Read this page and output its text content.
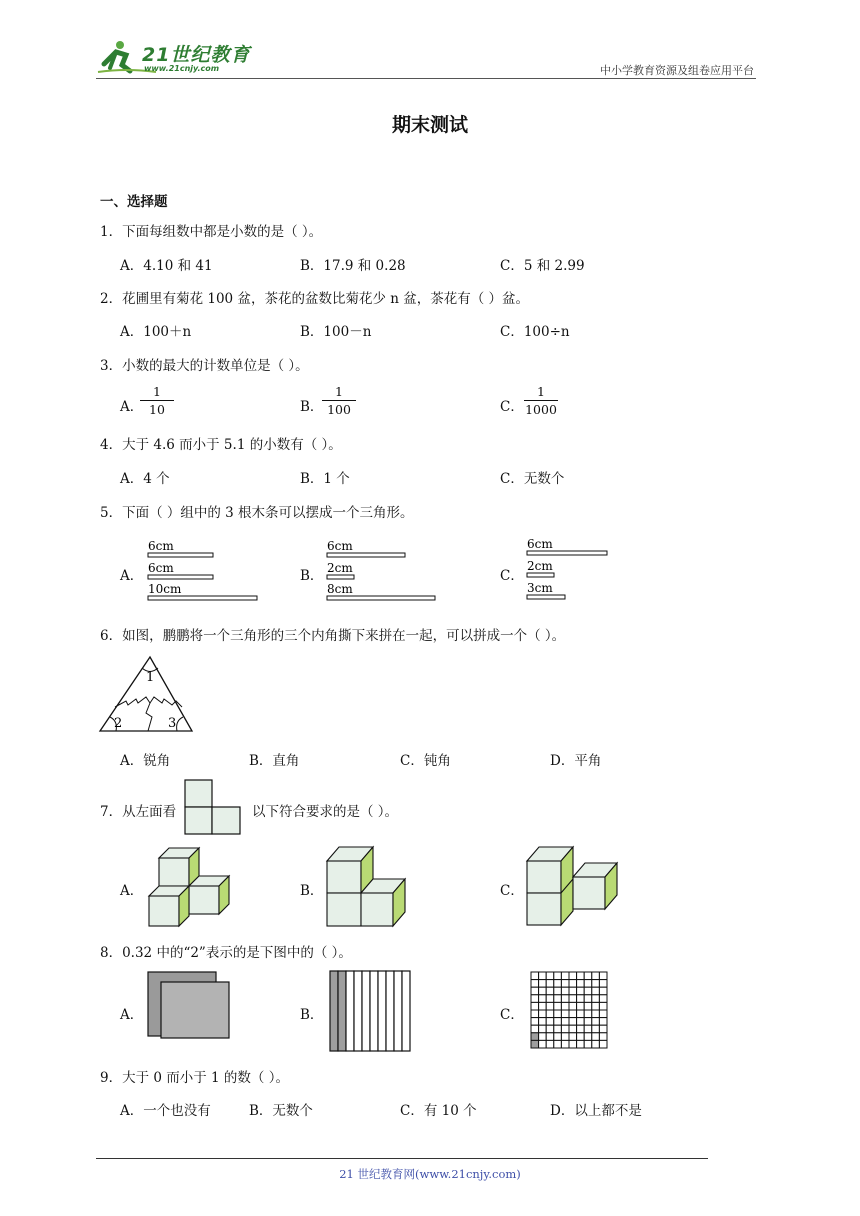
21世纪教育
www.21cnjy.com	中小学教育资源及组卷应用平台
期末测试
一、选择题
1．下面每组数中都是小数的是（ ）。
A．4.10 和 41	B．17.9 和 0.28	C．5 和 2.99
2．花圃里有菊花 100 盆，茶花的盆数比菊花少 n 盆，茶花有（ ）盆。
A．100＋n	B．100－n	C．100÷n
3．小数的最大的计数单位是（ ）。
A．
$\frac{1}{10}$	B．
$\frac{1}{100}$	C． $\frac{1}{1000}$
4．大于 4.6 而小于 5.1 的小数有（ ）。
A．4 个	B．1 个	C．无数个
5．下面（ ）组中的 3 根木条可以摆成一个三角形。
A．	B．	C．
6cm
6cm
10cm
6cm
2cm
8cm
6cm
2cm
3cm
6．如图，鹏鹏将一个三角形的三个内角撕下来拼在一起，可以拼成一个（ ）。
1
2	3
A．锐角	B．直角	C．钝角	D．平角
7．从左面看	以下符合要求的是（ ）。
A．	B．	C．
8．0.32 中的“2”表示的是下图中的（ ）。
A．	B．	C．
9．大于 0 而小于 1 的数（ ）。
A．一个也没有	B．无数个	C．有 10 个	D．以上都不是
21 世纪教育网(www.21cnjy.com)
